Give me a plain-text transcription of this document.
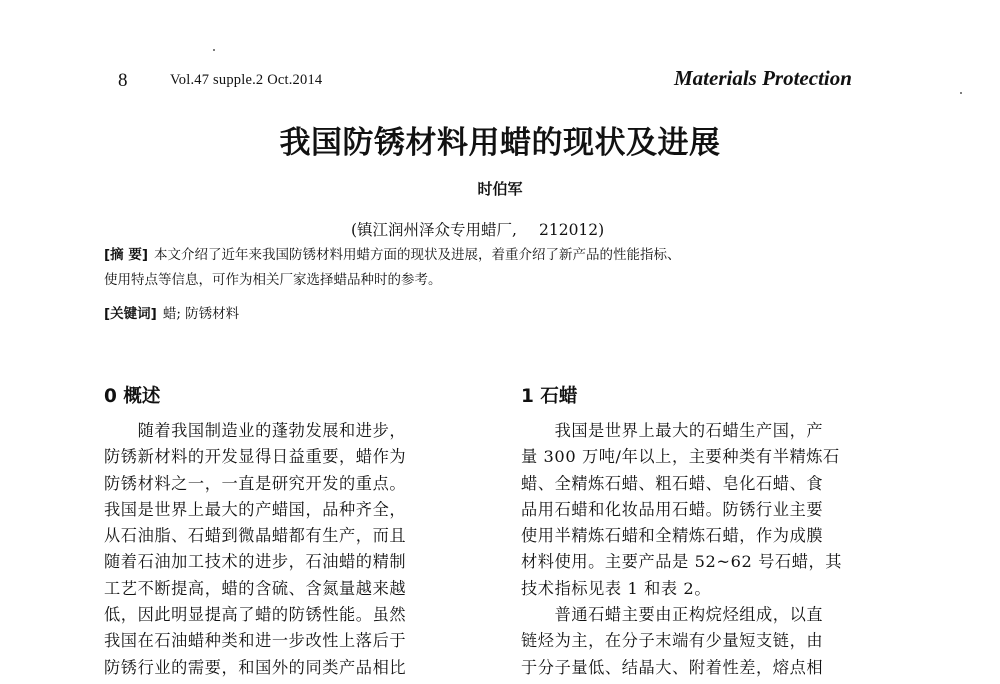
8	Vol.47 supple.2 Oct.2014	Materials Protection
我国防锈材料用蜡的现状及进展
时伯军
(镇江润州泽众专用蜡厂, 212012)
[摘 要] 本文介绍了近年来我国防锈材料用蜡方面的现状及进展，着重介绍了新产品的性能指标、
使用特点等信息，可作为相关厂家选择蜡品种时的参考。
[关键词] 蜡; 防锈材料
0 概述	1 石蜡
　　随着我国制造业的蓬勃发展和进步，
防锈新材料的开发显得日益重要，蜡作为
防锈材料之一，一直是研究开发的重点。
我国是世界上最大的产蜡国，品种齐全，
从石油脂、石蜡到微晶蜡都有生产，而且
随着石油加工技术的进步，石油蜡的精制
工艺不断提高，蜡的含硫、含氮量越来越
低，因此明显提高了蜡的防锈性能。虽然
我国在石油蜡种类和进一步改性上落后于
防锈行业的需要，和国外的同类产品相比
　　我国是世界上最大的石蜡生产国，产
量 300 万吨/年以上，主要种类有半精炼石
蜡、全精炼石蜡、粗石蜡、皂化石蜡、食
品用石蜡和化妆品用石蜡。防锈行业主要
使用半精炼石蜡和全精炼石蜡，作为成膜
材料使用。主要产品是 52~62 号石蜡，其
技术指标见表 1 和表 2。
　　普通石蜡主要由正构烷烃组成，以直
链烃为主，在分子末端有少量短支链，由
于分子量低、结晶大、附着性差，熔点相
